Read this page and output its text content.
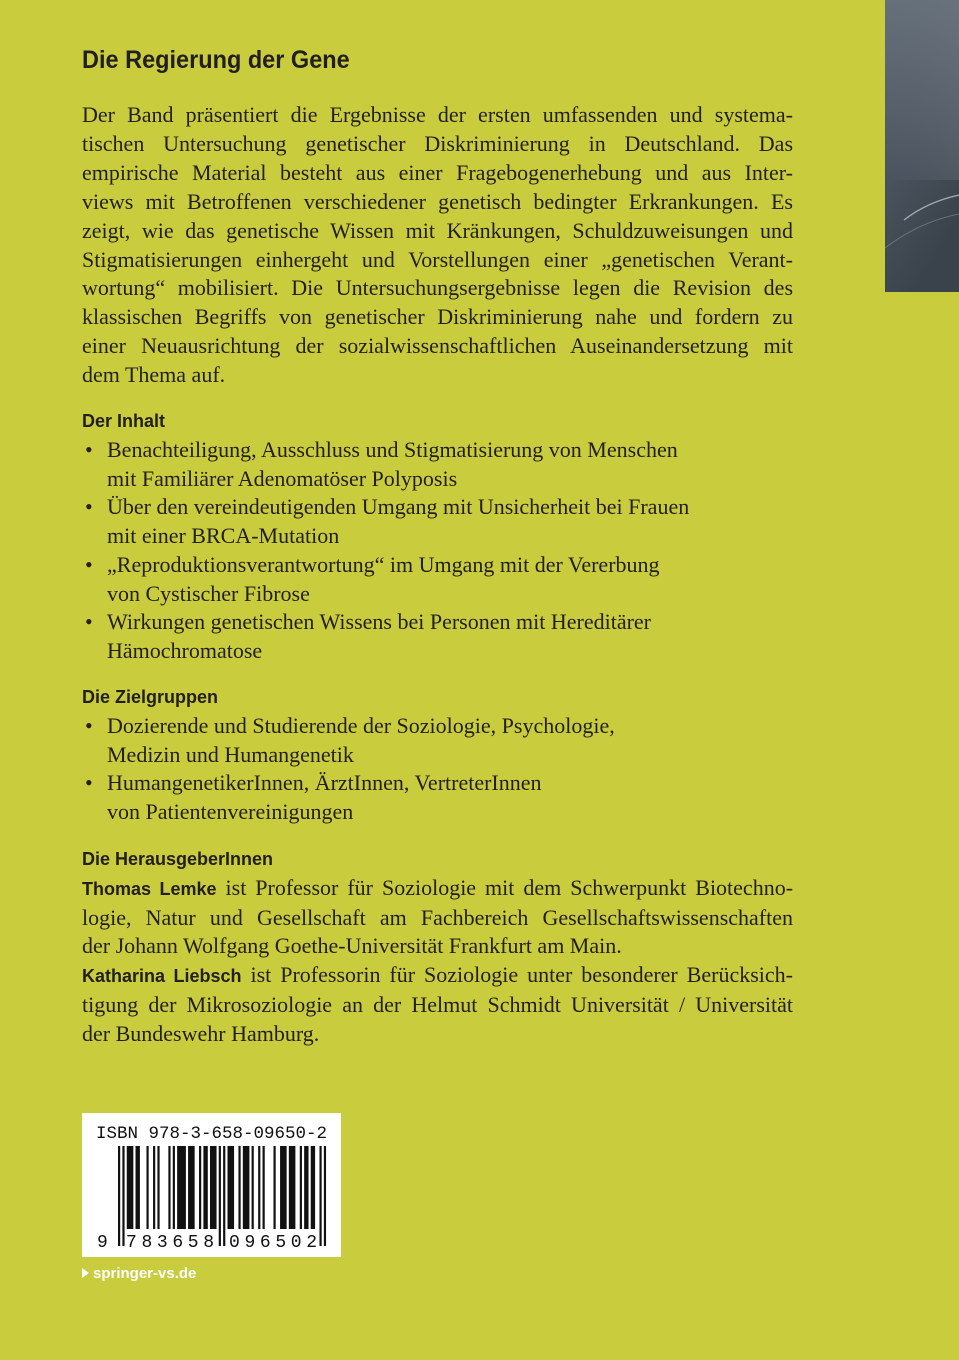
Die Regierung der Gene
Der Band präsentiert die Ergebnisse der ersten umfassenden und systema-
tischen Untersuchung genetischer Diskriminierung in Deutschland. Das
empirische Material besteht aus einer Fragebogenerhebung und aus Inter-
views mit Betroffenen verschiedener genetisch bedingter Erkrankungen. Es
zeigt, wie das genetische Wissen mit Kränkungen, Schuldzuweisungen und
Stigmatisierungen einhergeht und Vorstellungen einer „genetischen Verant-
wortung“ mobilisiert. Die Untersuchungsergebnisse legen die Revision des
klassischen Begriffs von genetischer Diskriminierung nahe und fordern zu
einer Neuausrichtung der sozialwissenschaftlichen Auseinandersetzung mit
dem Thema auf.
Der Inhalt
•
Benachteiligung, Ausschluss und Stigmatisierung von Menschen
mit Familiärer Adenomatöser Polyposis
•
Über den vereindeutigenden Umgang mit Unsicherheit bei Frauen
mit einer BRCA-Mutation
•
„Reproduktionsverantwortung“ im Umgang mit der Vererbung
von Cystischer Fibrose
•
Wirkungen genetischen Wissens bei Personen mit Hereditärer
Hämochromatose
Die Zielgruppen
•
Dozierende und Studierende der Soziologie, Psychologie,
Medizin und Humangenetik
•
HumangenetikerInnen, ÄrztInnen, VertreterInnen
von Patientenvereinigungen
Die HerausgeberInnen
Thomas Lemke ist Professor für Soziologie mit dem Schwerpunkt Biotechno-
logie, Natur und Gesellschaft am Fachbereich Gesellschaftswissenschaften
der Johann Wolfgang Goethe-Universität Frankfurt am Main.
Katharina Liebsch ist Professorin für Soziologie unter besonderer Berücksich-
tigung der Mikrosoziologie an der Helmut Schmidt Universität / Universität
der Bundeswehr Hamburg.
ISBN 978-3-658-09650-2
9 783658 096502
springer-vs.de
